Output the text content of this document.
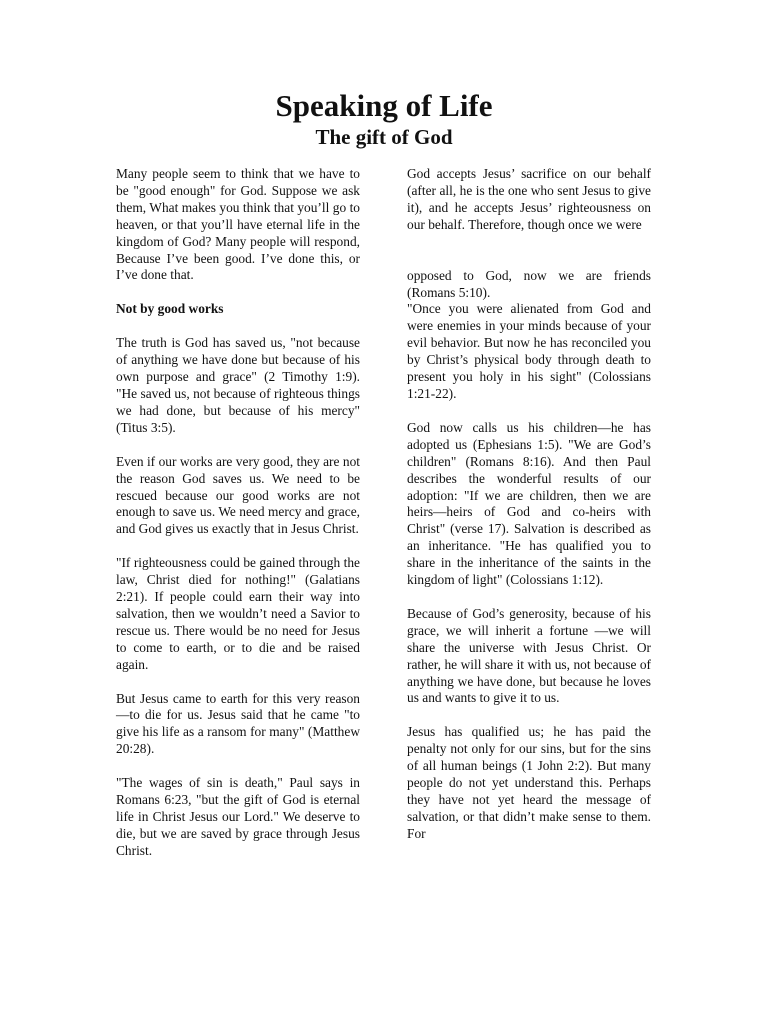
Speaking of Life
The gift of God

Many people seem to think that we have to be "good enough" for God. Suppose we ask them, What makes you think that you’ll go to heaven, or that you’ll have eternal life in the kingdom of God? Many people will respond, Because I’ve been good. I’ve done this, or I’ve done that.

Not by good works

The truth is God has saved us, "not because of anything we have done but because of his own purpose and grace" (2 Timothy 1:9). "He saved us, not because of righteous things we had done, but because of his mercy" (Titus 3:5).

Even if our works are very good, they are not the reason God saves us. We need to be rescued because our good works are not enough to save us. We need mercy and grace, and God gives us exactly that in Jesus Christ.

"If righteousness could be gained through the law, Christ died for nothing!" (Galatians 2:21). If people could earn their way into salvation, then we wouldn’t need a Savior to rescue us. There would be no need for Jesus to come to earth, or to die and be raised again.

But Jesus came to earth for this very reason—to die for us. Jesus said that he came "to give his life as a ransom for many" (Matthew 20:28).

"The wages of sin is death," Paul says in Romans 6:23, "but the gift of God is eternal life in Christ Jesus our Lord." We deserve to die, but we are saved by grace through Jesus Christ.

God accepts Jesus’ sacrifice on our behalf (after all, he is the one who sent Jesus to give it), and he accepts Jesus’ righteousness on our behalf. Therefore, though once we were

opposed to God, now we are friends (Romans 5:10).

"Once you were alienated from God and were enemies in your minds because of your evil behavior. But now he has reconciled you by Christ’s physical body through death to present you holy in his sight" (Colossians 1:21-22).

God now calls us his children—he has adopted us (Ephesians 1:5). "We are God’s children" (Romans 8:16). And then Paul describes the wonderful results of our adoption: "If we are children, then we are heirs—heirs of God and co-heirs with Christ" (verse 17). Salvation is described as an inheritance. "He has qualified you to share in the inheritance of the saints in the kingdom of light" (Colossians 1:12).

Because of God’s generosity, because of his grace, we will inherit a fortune —we will share the universe with Jesus Christ. Or rather, he will share it with us, not because of anything we have done, but because he loves us and wants to give it to us.

Jesus has qualified us; he has paid the penalty not only for our sins, but for the sins of all human beings (1 John 2:2). But many people do not yet understand this. Perhaps they have not yet heard the message of salvation, or that didn’t make sense to them. For
